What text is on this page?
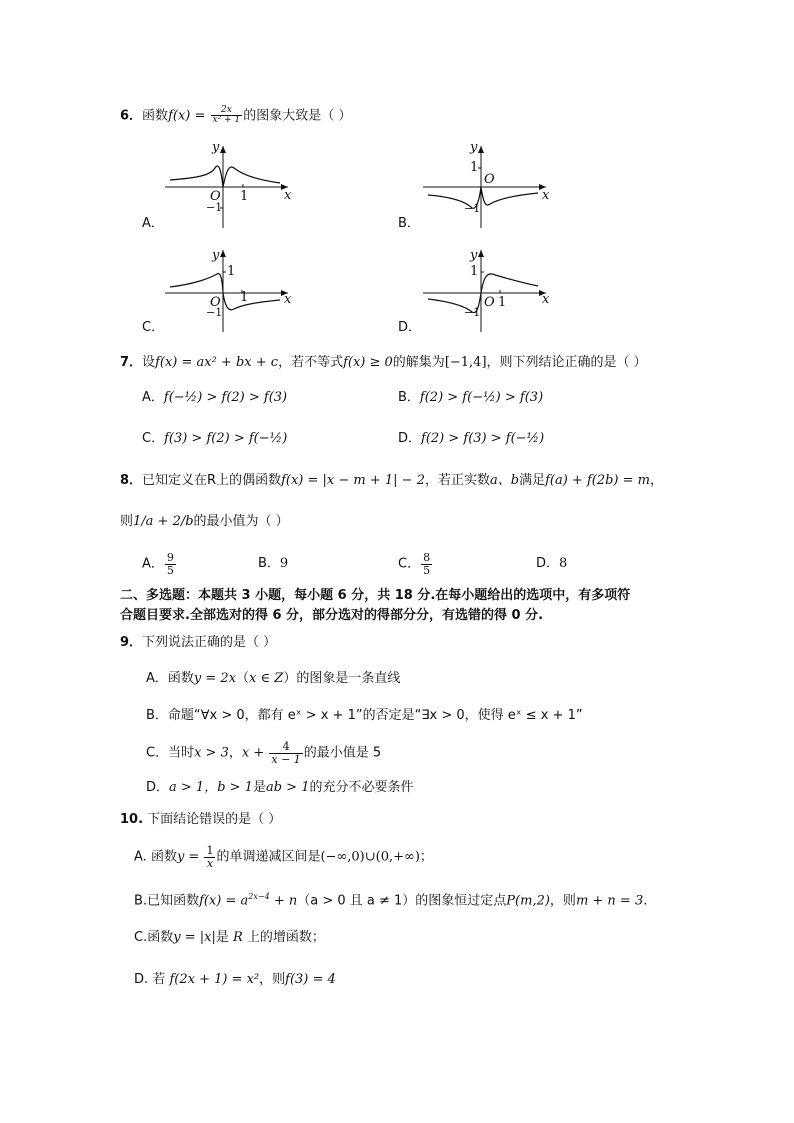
6．函数$f(x) = \frac{2x}{\text{x² + 1}}$ 的图象大致是（ ）
y
x
O 1
−1
A．
y
x
O
1
−1
B．
y
x
O 1
1
−1
C．
y
x
O 1
1
−1
D．
7．设f(x) = ax² + bx + c，若不等式f(x) ≥ 0的解集为[−1,4]，则下列结论正确的是（ ）
A．f(−½) > f(2) > f(3)	B．f(2) > f(−½) > f(3)
C．f(3) > f(2) > f(−½)	D．f(2) > f(3) > f(−½)
8．已知定义在R上的偶函数f(x) = |x − m + 1| − 2，若正实数a、b满足f(a) + f(2b) = m，
则1/a + 2/b的最小值为（ ）
A． $\frac{9}{5}$	B．9	C． $\frac{8}{5}$	D．8
二、多选题：本题共 3 小题，每小题 6 分，共 18 分.在每小题给出的选项中，有多项符
合题目要求.全部选对的得 6 分，部分选对的得部分分，有选错的得 0 分.
9．下列说法正确的是（ ）
A．函数y = 2x（x ∈ Z）的图象是一条直线
B．命题“∀x > 0，都有 eˣ > x + 1”的否定是“∃x > 0，使得 eˣ ≤ x + 1”
C．当时x > 3，$x + \frac{4}{x - 1}$ 的最小值是 5
D．a > 1，b > 1是ab > 1的充分不必要条件
10. 下面结论错误的是（ ）
A. 函数$y = \frac{1}{x}$ 的单调递减区间是(−∞,0)∪(0,+∞)；
B.已知函数$f(x) = a^{2x-4} + n(a > 0$ 且 a ≠ 1）的图象恒过定点P(m,2)，则m + n = 3.
C.函数y = |x|是 R 上的增函数；
D. 若 f(2x + 1) = x²，则f(3) = 4
